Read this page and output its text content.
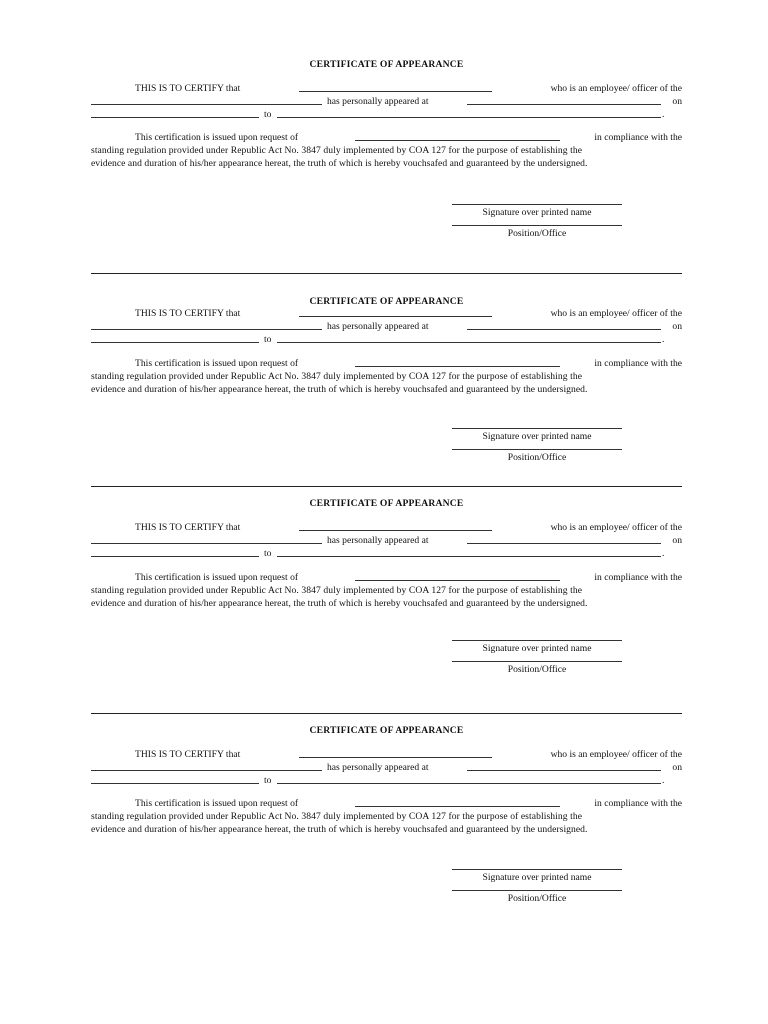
CERTIFICATE OF APPEARANCE
THIS IS TO CERTIFY that	who is an employee/ officer of the
has personally appeared at	on
to	.
This certification is issued upon request of	in compliance with the
standing regulation provided under Republic Act No. 3847 duly implemented by COA 127 for the purpose of establishing the
evidence and duration of his/her appearance hereat, the truth of which is hereby vouchsafed and guaranteed by the undersigned.
Signature over printed name
Position/Office
CERTIFICATE OF APPEARANCE
THIS IS TO CERTIFY that	who is an employee/ officer of the
has personally appeared at	on
to	.
This certification is issued upon request of	in compliance with the
standing regulation provided under Republic Act No. 3847 duly implemented by COA 127 for the purpose of establishing the
evidence and duration of his/her appearance hereat, the truth of which is hereby vouchsafed and guaranteed by the undersigned.
Signature over printed name
Position/Office
CERTIFICATE OF APPEARANCE
THIS IS TO CERTIFY that	who is an employee/ officer of the
has personally appeared at	on
to	.
This certification is issued upon request of	in compliance with the
standing regulation provided under Republic Act No. 3847 duly implemented by COA 127 for the purpose of establishing the
evidence and duration of his/her appearance hereat, the truth of which is hereby vouchsafed and guaranteed by the undersigned.
Signature over printed name
Position/Office
CERTIFICATE OF APPEARANCE
THIS IS TO CERTIFY that	who is an employee/ officer of the
has personally appeared at	on
to	.
This certification is issued upon request of	in compliance with the
standing regulation provided under Republic Act No. 3847 duly implemented by COA 127 for the purpose of establishing the
evidence and duration of his/her appearance hereat, the truth of which is hereby vouchsafed and guaranteed by the undersigned.
Signature over printed name
Position/Office
